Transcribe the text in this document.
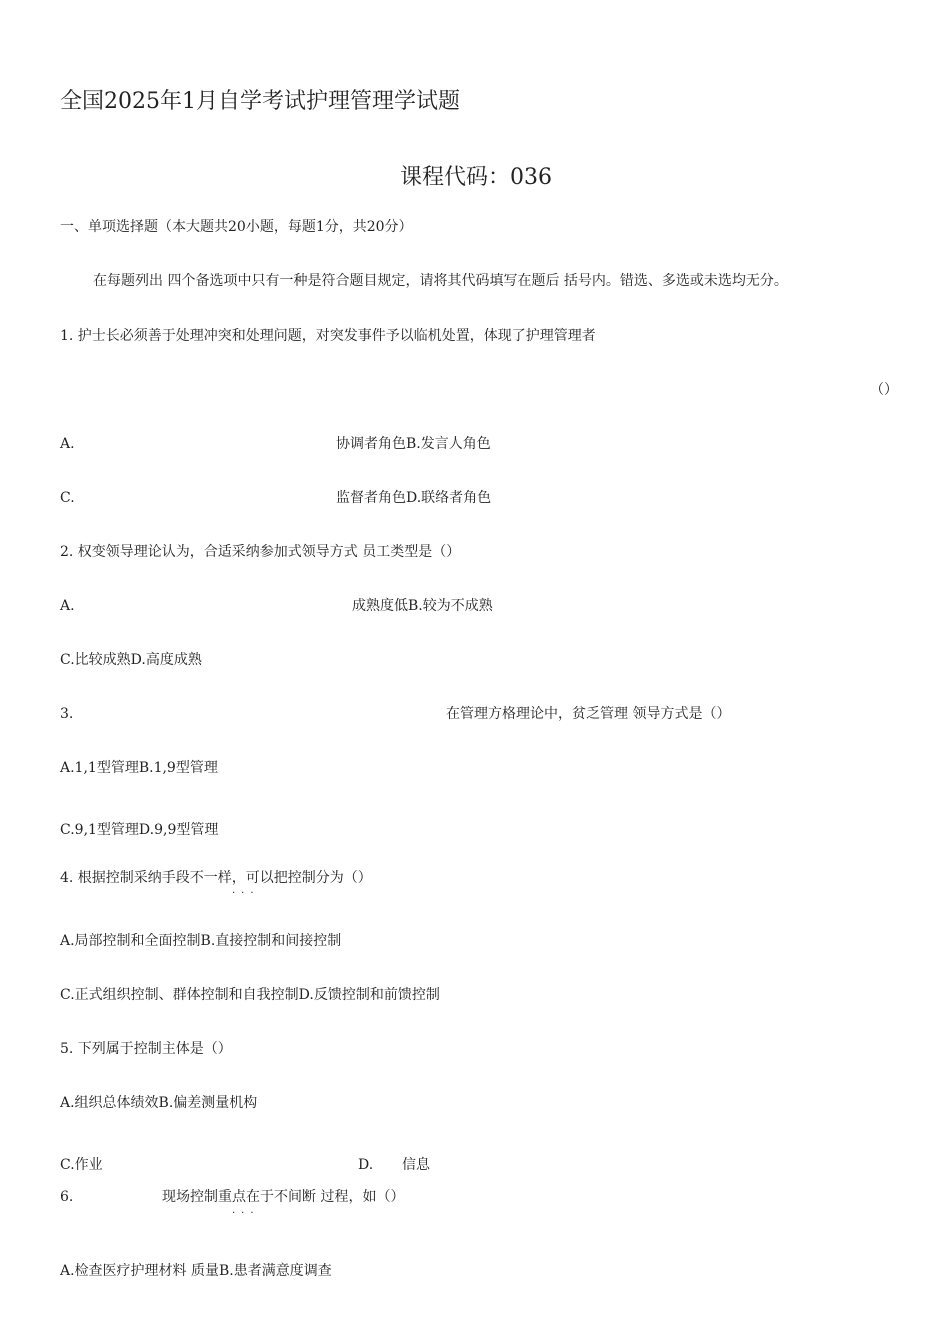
全国2025年1月自学考试护理管理学试题
课程代码：036
一、单项选择题（本大题共20小题，每题1分，共20分）
在每题列出 四个备选项中只有一种是符合题目规定，请将其代码填写在题后 括号内。错选、多选或未选均无分。
1. 护士长必须善于处理冲突和处理问题，对突发事件予以临机处置，体现了护理管理者
（）
A.	协调者角色B.发言人角色
C.	监督者角色D.联络者角色
2. 权变领导理论认为，合适采纳参加式领导方式 员工类型是（）
A.	成熟度低B.较为不成熟
C.比较成熟D.高度成熟
3.	在管理方格理论中，贫乏管理 领导方式是（）
A.1,1型管理B.1,9型管理
C.9,1型管理D.9,9型管理
4. 根据控制采纳手段不一样，可以把控制分为（）
···
A.局部控制和全面控制B.直接控制和间接控制
C.正式组织控制、群体控制和自我控制D.反馈控制和前馈控制
5. 下列属于控制主体是（）
A.组织总体绩效B.偏差测量机构
C.作业	D. 信息
6.	现场控制重点在于不间断 过程，如（）
···
A.检查医疗护理材料 质量B.患者满意度调查
